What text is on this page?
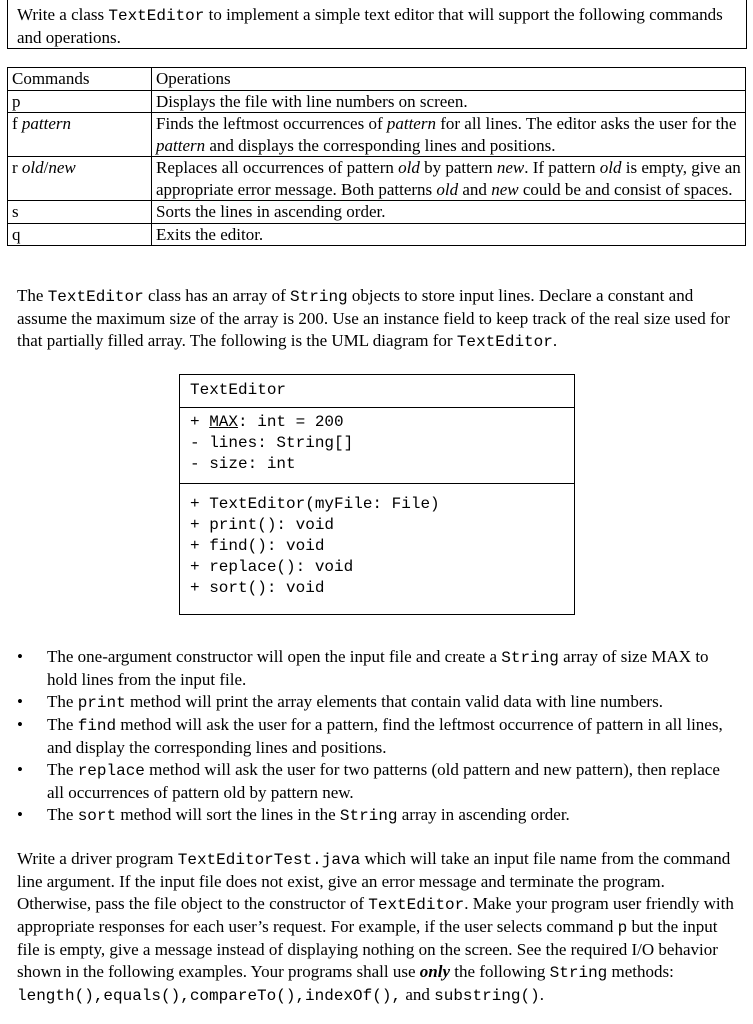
Write a class TextEditor to implement a simple text editor that will support the following commands and operations.

Commands	Operations
p	Displays the file with line numbers on screen.
f pattern	Finds the leftmost occurrences of pattern for all lines. The editor asks the user for the pattern and displays the corresponding lines and positions.
r old/new	Replaces all occurrences of pattern old by pattern new. If pattern old is empty, give an appropriate error message. Both patterns old and new could be and consist of spaces.
s	Sorts the lines in ascending order.
q	Exits the editor.

The TextEditor class has an array of String objects to store input lines. Declare a constant and assume the maximum size of the array is 200. Use an instance field to keep track of the real size used for that partially filled array. The following is the UML diagram for TextEditor.

TextEditor
+ MAX: int = 200
- lines: String[]
- size: int
+ TextEditor(myFile: File)
+ print(): void
+ find(): void
+ replace(): void
+ sort(): void
• The one-argument constructor will open the input file and create a String array of size MAX to hold lines from the input file.
• The print method will print the array elements that contain valid data with line numbers.
• The find method will ask the user for a pattern, find the leftmost occurrence of pattern in all lines, and display the corresponding lines and positions.
• The replace method will ask the user for two patterns (old pattern and new pattern), then replace all occurrences of pattern old by pattern new.
• The sort method will sort the lines in the String array in ascending order.

Write a driver program TextEditorTest.java which will take an input file name from the command line argument. If the input file does not exist, give an error message and terminate the program. Otherwise, pass the file object to the constructor of TextEditor. Make your program user friendly with appropriate responses for each user’s request. For example, if the user selects command p but the input file is empty, give a message instead of displaying nothing on the screen. See the required I/O behavior shown in the following examples. Your programs shall use only the following String methods: length(),equals(),compareTo(),indexOf(), and substring().
